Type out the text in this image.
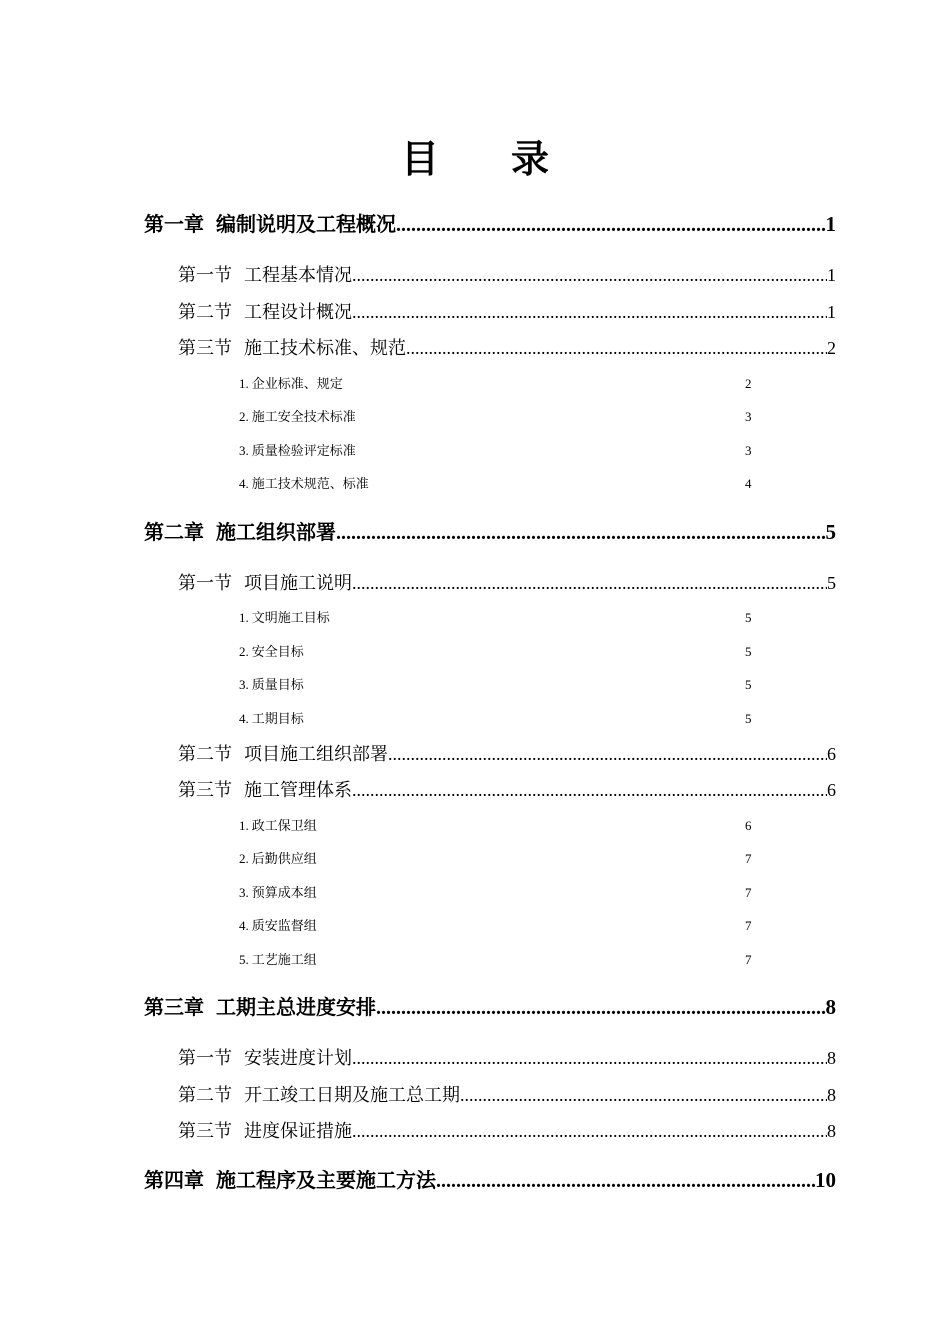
目 录
第一章 编制说明及工程概况 .....	1
第一节 工程基本情况 .....	1
第二节 工程设计概况 .....	1
第三节 施工技术标准、规范 .....	2
1. 企业标准、规定	2
2. 施工安全技术标准	3
3. 质量检验评定标准	3
4. 施工技术规范、标准	4
第二章 施工组织部署 .....	5
第一节 项目施工说明 .....	5
1. 文明施工目标	5
2. 安全目标	5
3. 质量目标	5
4. 工期目标	5
第二节 项目施工组织部署 .....	6
第三节 施工管理体系 .....	6
1. 政工保卫组	6
2. 后勤供应组	7
3. 预算成本组	7
4. 质安监督组	7
5. 工艺施工组	7
第三章 工期主总进度安排 .....	8
第一节 安装进度计划 .....	8
第二节 开工竣工日期及施工总工期 .....	8
第三节 进度保证措施 .....	8
第四章 施工程序及主要施工方法 .....	10
